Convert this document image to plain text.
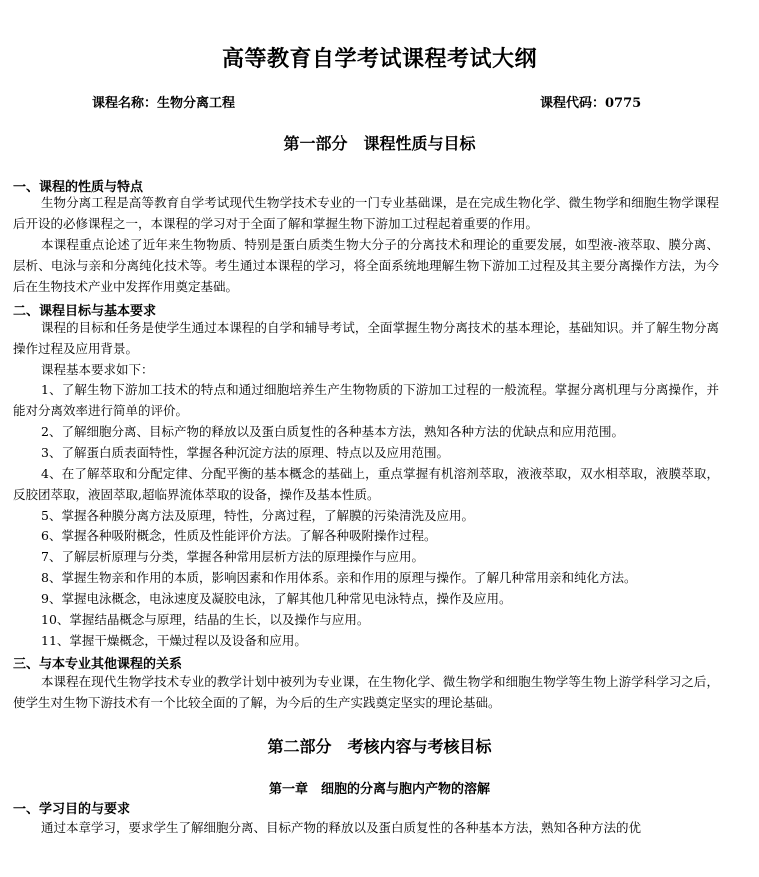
高等教育自学考试课程考试大纲
课程名称：生物分离工程	课程代码：0775
第一部分　课程性质与目标
一、课程的性质与特点
生物分离工程是高等教育自学考试现代生物学技术专业的一门专业基础课，是在完成生物化学、微生物学和细胞生物学课程后开设的必修课程之一，本课程的学习对于全面了解和掌握生物下游加工过程起着重要的作用。
本课程重点论述了近年来生物物质、特别是蛋白质类生物大分子的分离技术和理论的重要发展，如型液-液萃取、膜分离、层析、电泳与亲和分离纯化技术等。考生通过本课程的学习，将全面系统地理解生物下游加工过程及其主要分离操作方法，为今后在生物技术产业中发挥作用奠定基础。
二、课程目标与基本要求
课程的目标和任务是使学生通过本课程的自学和辅导考试，全面掌握生物分离技术的基本理论，基础知识。并了解生物分离操作过程及应用背景。
课程基本要求如下：
1、了解生物下游加工技术的特点和通过细胞培养生产生物物质的下游加工过程的一般流程。掌握分离机理与分离操作，并能对分离效率进行简单的评价。
2、了解细胞分离、目标产物的释放以及蛋白质复性的各种基本方法，熟知各种方法的优缺点和应用范围。
3、了解蛋白质表面特性，掌握各种沉淀方法的原理、特点以及应用范围。
4、在了解萃取和分配定律、分配平衡的基本概念的基础上，重点掌握有机溶剂萃取，液液萃取，双水相萃取，液膜萃取，反胶团萃取，液固萃取,超临界流体萃取的设备，操作及基本性质。
5、掌握各种膜分离方法及原理，特性，分离过程，了解膜的污染清洗及应用。
6、掌握各种吸附概念，性质及性能评价方法。了解各种吸附操作过程。
7、了解层析原理与分类，掌握各种常用层析方法的原理操作与应用。
8、掌握生物亲和作用的本质，影响因素和作用体系。亲和作用的原理与操作。了解几种常用亲和纯化方法。
9、掌握电泳概念，电泳速度及凝胶电泳，了解其他几种常见电泳特点，操作及应用。
10、掌握结晶概念与原理，结晶的生长，以及操作与应用。
11、掌握干燥概念，干燥过程以及设备和应用。
三、与本专业其他课程的关系
本课程在现代生物学技术专业的教学计划中被列为专业课，在生物化学、微生物学和细胞生物学等生物上游学科学习之后，使学生对生物下游技术有一个比较全面的了解，为今后的生产实践奠定坚实的理论基础。
第二部分　考核内容与考核目标
第一章　细胞的分离与胞内产物的溶解
一、学习目的与要求
通过本章学习，要求学生了解细胞分离、目标产物的释放以及蛋白质复性的各种基本方法，熟知各种方法的优
